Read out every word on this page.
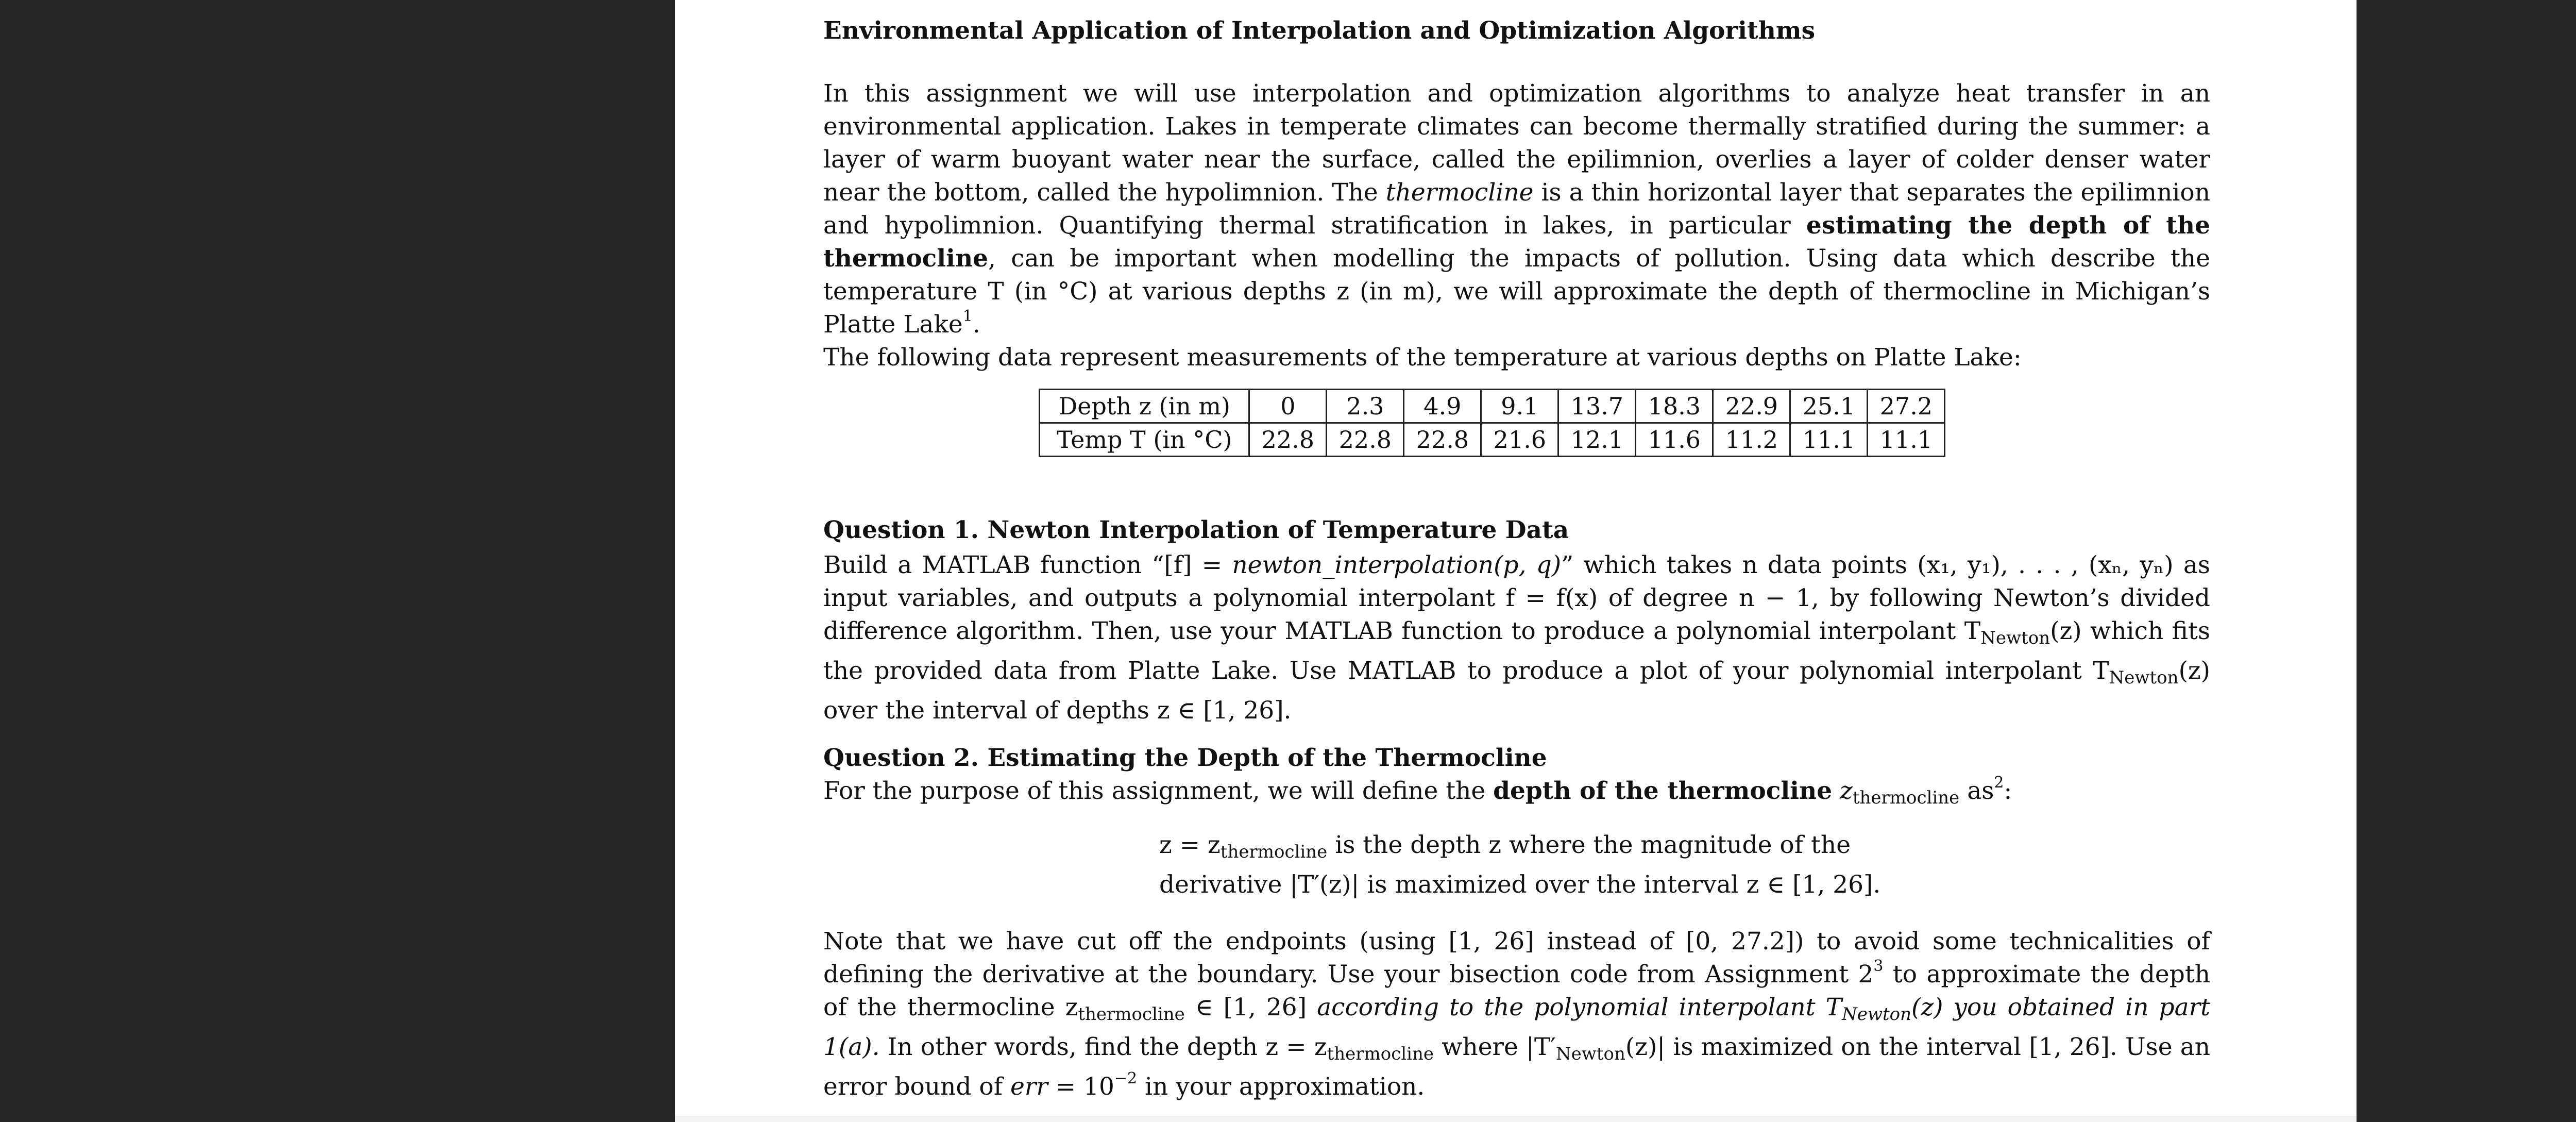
Environmental Application of Interpolation and Optimization Algorithms

In this assignment we will use interpolation and optimization algorithms to analyze heat transfer in an environmental application. Lakes in temperate climates can become thermally stratified during the summer: a layer of warm buoyant water near the surface, called the epilimnion, overlies a layer of colder denser water near the bottom, called the hypolimnion. The thermocline is a thin horizontal layer that separates the epilimnion and hypolimnion. Quantifying thermal stratification in lakes, in particular estimating the depth of the thermocline, can be important when modelling the impacts of pollution. Using data which describe the temperature T (in °C) at various depths z (in m), we will approximate the depth of thermocline in Michigan’s Platte Lake$^1$.

The following data represent measurements of the temperature at various depths on Platte Lake:

Depth z (in m)	0	2.3	4.9	9.1	13.7	18.3	22.9	25.1	27.2
Temp T (in °C)	22.8	22.8	22.8	21.6	12.1	11.6	11.2	11.1	11.1

Question 1. Newton Interpolation of Temperature Data

Build a MATLAB function “[f] = newton_interpolation(p, q)” which takes n data points (x₁, y₁), . . . , (xₙ, yₙ) as input variables, and outputs a polynomial interpolant f = f(x) of degree n − 1, by following Newton’s divided difference algorithm. Then, use your MATLAB function to produce a polynomial interpolant TNewton(z) which fits the provided data from Platte Lake. Use MATLAB to produce a plot of your polynomial interpolant TNewton(z) over the interval of depths z ∈ [1, 26].

Question 2. Estimating the Depth of the Thermocline

For the purpose of this assignment, we will define the depth of the thermocline zthermocline $as^2$:

z = zthermocline is the depth z where the magnitude of the

derivative |T′(z)| is maximized over the interval z ∈ [1, 26].

Note that we have cut off the endpoints (using [1, 26] instead of [0, 27.2]) to avoid some technicalities of defining the derivative at the boundary. Use your bisection code from Assignment $2^3$ to approximate the depth of the thermocline zthermocline ∈ [1, 26] according to the polynomial interpolant TNewton(z) you obtained in part 1(a). In other words, find the depth z = zthermocline where |T′Newton(z)| is maximized on the interval [1, 26]. Use an error bound of err = $10^{-2}$ in your approximation.
